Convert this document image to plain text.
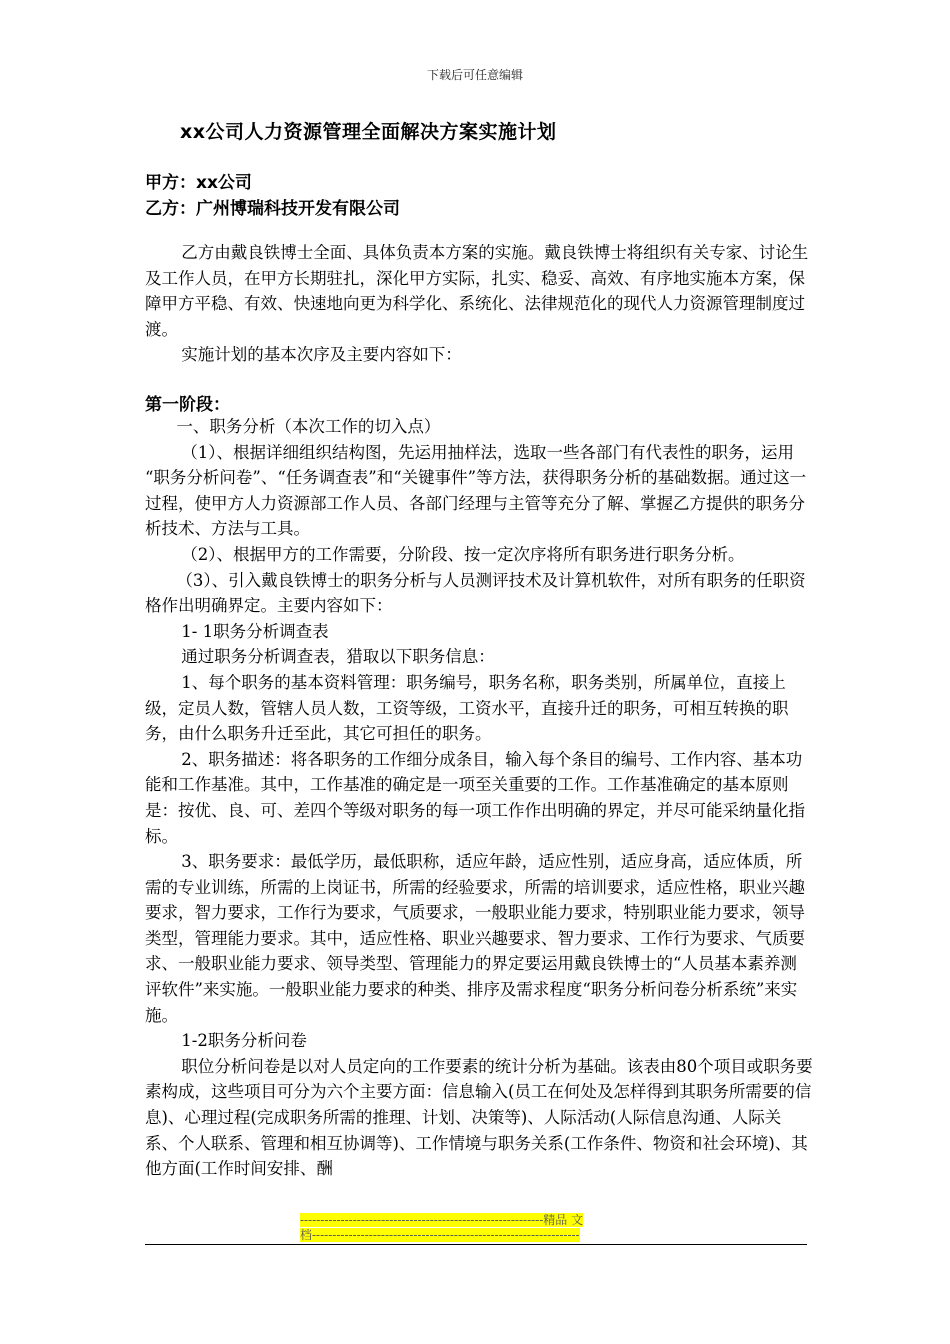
下载后可任意编辑
xx公司人力资源管理全面解决方案实施计划
甲方：xx公司
乙方：广州博瑞科技开发有限公司

乙方由戴良铁博士全面、具体负责本方案的实施。戴良铁博士将组织有关专家、讨论生及工作人员，在甲方长期驻扎，深化甲方实际，扎实、稳妥、高效、有序地实施本方案，保障甲方平稳、有效、快速地向更为科学化、系统化、法律规范化的现代人力资源管理制度过渡。

实施计划的基本次序及主要内容如下：

第一阶段：

一、职务分析（本次工作的切入点）

（1）、根据详细组织结构图，先运用抽样法，选取一些各部门有代表性的职务，运用 “职务分析问卷”、“任务调查表”和“关键事件”等方法，获得职务分析的基础数据。通过这一过程，使甲方人力资源部工作人员、各部门经理与主管等充分了解、掌握乙方提供的职务分析技术、方法与工具。

（2）、根据甲方的工作需要，分阶段、按一定次序将所有职务进行职务分析。

（3）、引入戴良铁博士的职务分析与人员测评技术及计算机软件，对所有职务的任职资格作出明确界定。主要内容如下：

1- 1职务分析调查表

通过职务分析调查表，猎取以下职务信息：

1、每个职务的基本资料管理：职务编号，职务名称，职务类别，所属单位，直接上级，定员人数，管辖人员人数，工资等级，工资水平，直接升迁的职务，可相互转换的职务，由什么职务升迁至此，其它可担任的职务。

2、职务描述：将各职务的工作细分成条目，输入每个条目的编号、工作内容、基本功能和工作基准。其中，工作基准的确定是一项至关重要的工作。工作基准确定的基本原则是：按优、良、可、差四个等级对职务的每一项工作作出明确的界定，并尽可能采纳量化指标。

3、职务要求：最低学历，最低职称，适应年龄，适应性别，适应身高，适应体质，所需的专业训练，所需的上岗证书，所需的经验要求，所需的培训要求，适应性格，职业兴趣要求，智力要求，工作行为要求，气质要求，一般职业能力要求，特别职业能力要求，领导类型，管理能力要求。其中，适应性格、职业兴趣要求、智力要求、工作行为要求、气质要求、一般职业能力要求、领导类型、管理能力的界定要运用戴良铁博士的“人员基本素养测评软件”来实施。一般职业能力要求的种类、排序及需求程度“职务分析问卷分析系统”来实施。

1-2职务分析问卷

职位分析问卷是以对人员定向的工作要素的统计分析为基础。该表由80个项目或职务要素构成，这些项目可分为六个主要方面：信息输入(员工在何处及怎样得到其职务所需要的信息)、心理过程(完成职务所需的推理、计划、决策等)、人际活动(人际信息沟通、人际关系、个人联系、管理和相互协调等)、工作情境与职务关系(工作条件、物资和社会环境)、其他方面(工作时间安排、酬

------------------------------------------------------------精品 文
档------------------------------------------------------------------
